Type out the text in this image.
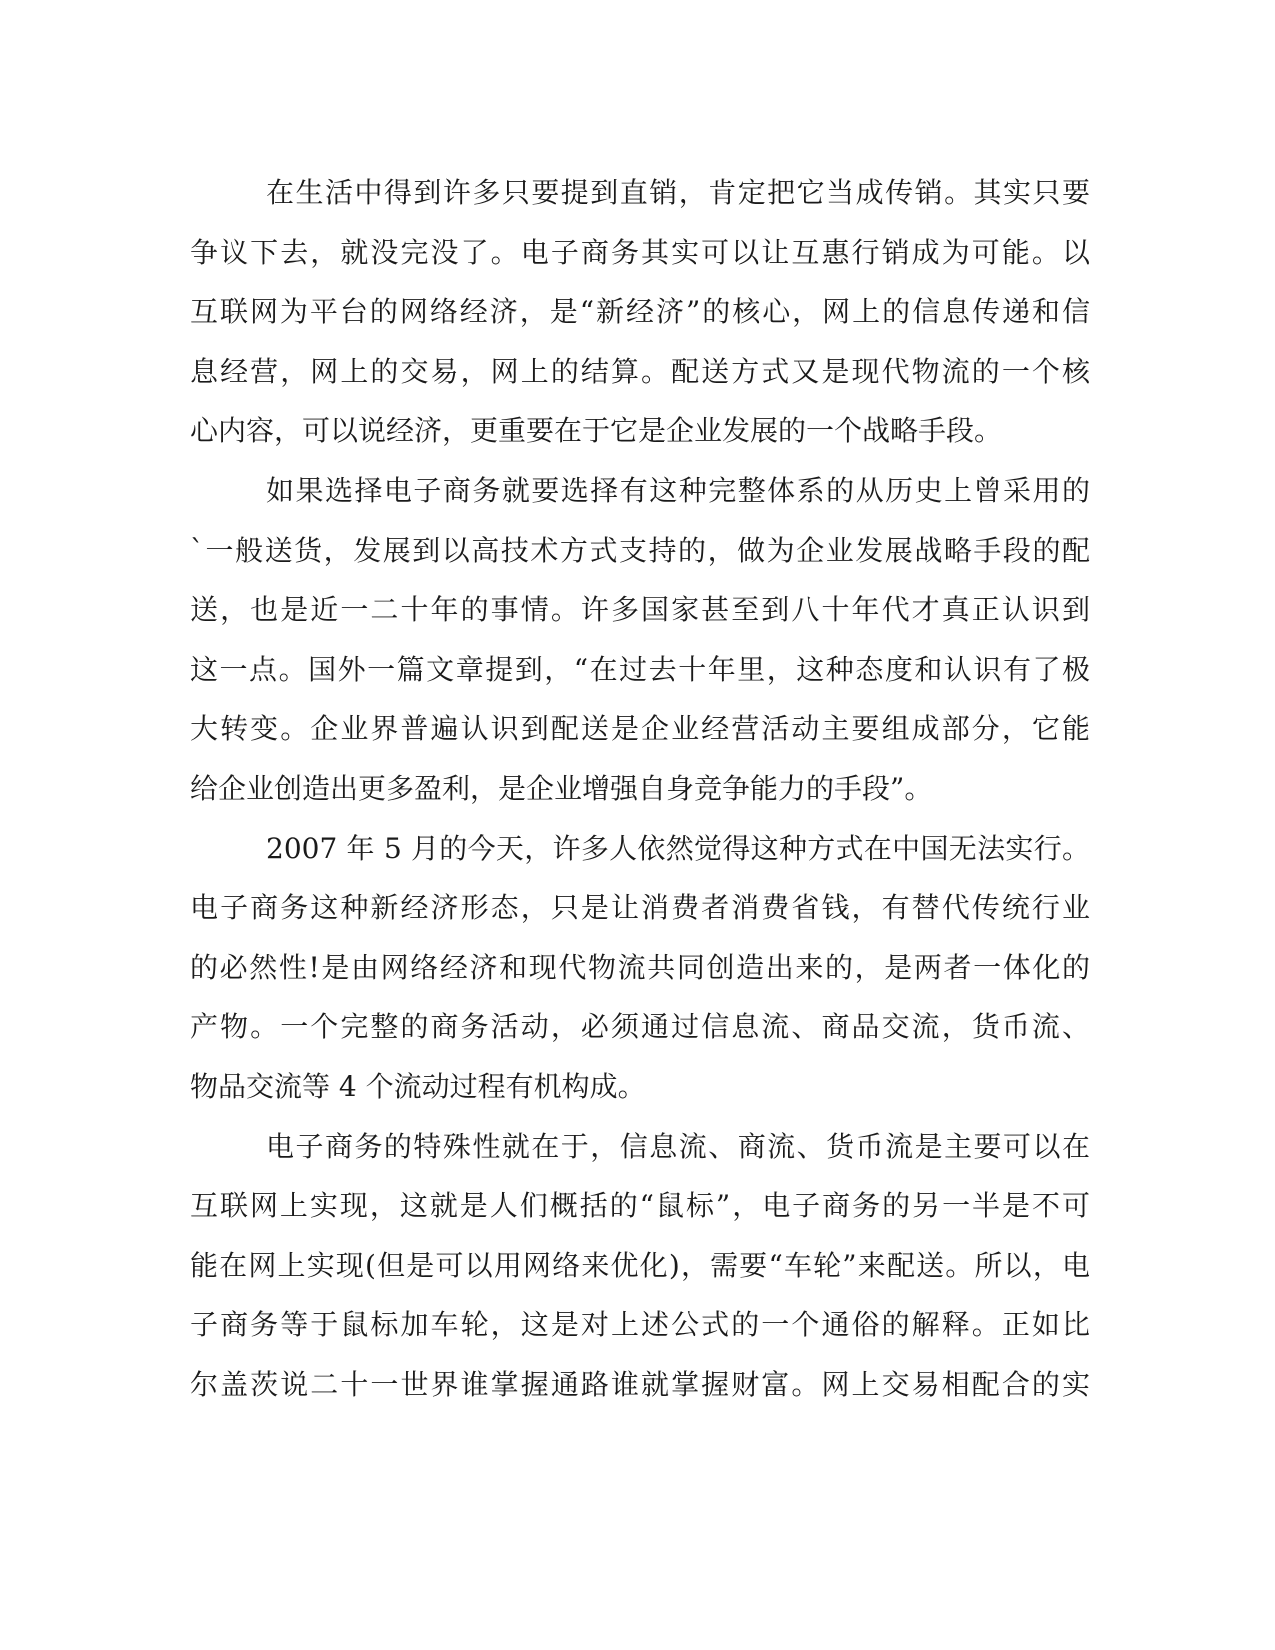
在生活中得到许多只要提到直销，肯定把它当成传销。其实只要
争议下去，就没完没了。电子商务其实可以让互惠行销成为可能。以
互联网为平台的网络经济，是“新经济”的核心，网上的信息传递和信
息经营，网上的交易，网上的结算。配送方式又是现代物流的一个核
心内容，可以说经济，更重要在于它是企业发展的一个战略手段。
如果选择电子商务就要选择有这种完整体系的从历史上曾采用的
`一般送货，发展到以高技术方式支持的，做为企业发展战略手段的配
送，也是近一二十年的事情。许多国家甚至到八十年代才真正认识到
这一点。国外一篇文章提到，“在过去十年里，这种态度和认识有了极
大转变。企业界普遍认识到配送是企业经营活动主要组成部分，它能
给企业创造出更多盈利，是企业增强自身竞争能力的手段”。
2007 年 5 月的今天，许多人依然觉得这种方式在中国无法实行。
电子商务这种新经济形态，只是让消费者消费省钱，有替代传统行业
的必然性!是由网络经济和现代物流共同创造出来的，是两者一体化的
产物。一个完整的商务活动，必须通过信息流、商品交流，货币流、
物品交流等 4 个流动过程有机构成。
电子商务的特殊性就在于，信息流、商流、货币流是主要可以在
互联网上实现，这就是人们概括的“鼠标”，电子商务的另一半是不可
能在网上实现(但是可以用网络来优化)，需要“车轮”来配送。所以，电
子商务等于鼠标加车轮，这是对上述公式的一个通俗的解释。正如比
尔盖茨说二十一世界谁掌握通路谁就掌握财富。网上交易相配合的实
